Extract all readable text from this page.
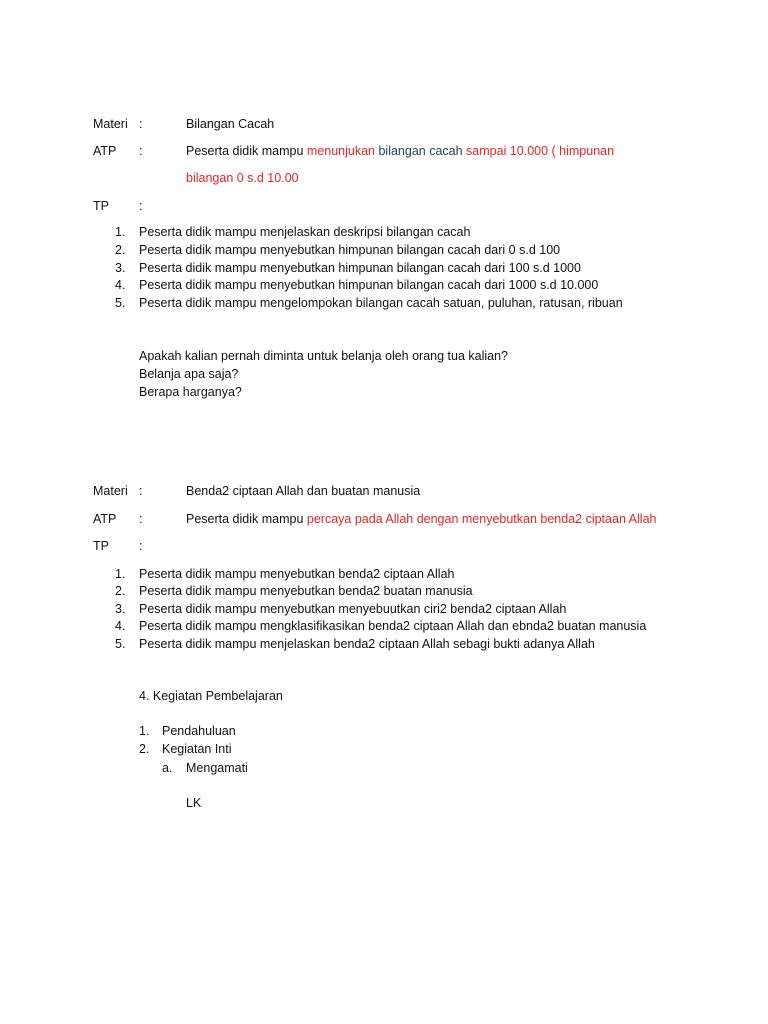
Materi :	Bilangan Cacah
ATP :	Peserta didik mampu menunjukan bilangan cacah sampai 10.000 ( himpunan
bilangan 0 s.d 10.00
TP :
1. Peserta didik mampu menjelaskan deskripsi bilangan cacah
2. Peserta didik mampu menyebutkan himpunan bilangan cacah dari 0 s.d 100
3. Peserta didik mampu menyebutkan himpunan bilangan cacah dari 100 s.d 1000
4. Peserta didik mampu menyebutkan himpunan bilangan cacah dari 1000 s.d 10.000
5. Peserta didik mampu mengelompokan bilangan cacah satuan, puluhan, ratusan, ribuan
Apakah kalian pernah diminta untuk belanja oleh orang tua kalian?
Belanja apa saja?
Berapa harganya?
Materi :	Benda2 ciptaan Allah dan buatan manusia
ATP :	Peserta didik mampu percaya pada Allah dengan menyebutkan benda2 ciptaan Allah
TP :
1. Peserta didik mampu menyebutkan benda2 ciptaan Allah
2. Peserta didik mampu menyebutkan benda2 buatan manusia
3. Peserta didik mampu menyebutkan menyebuutkan ciri2 benda2 ciptaan Allah
4. Peserta didik mampu mengklasifikasikan benda2 ciptaan Allah dan ebnda2 buatan manusia
5. Peserta didik mampu menjelaskan benda2 ciptaan Allah sebagi bukti adanya Allah
4. Kegiatan Pembelajaran
1. Pendahuluan
2. Kegiatan Inti
a. Mengamati
LK
